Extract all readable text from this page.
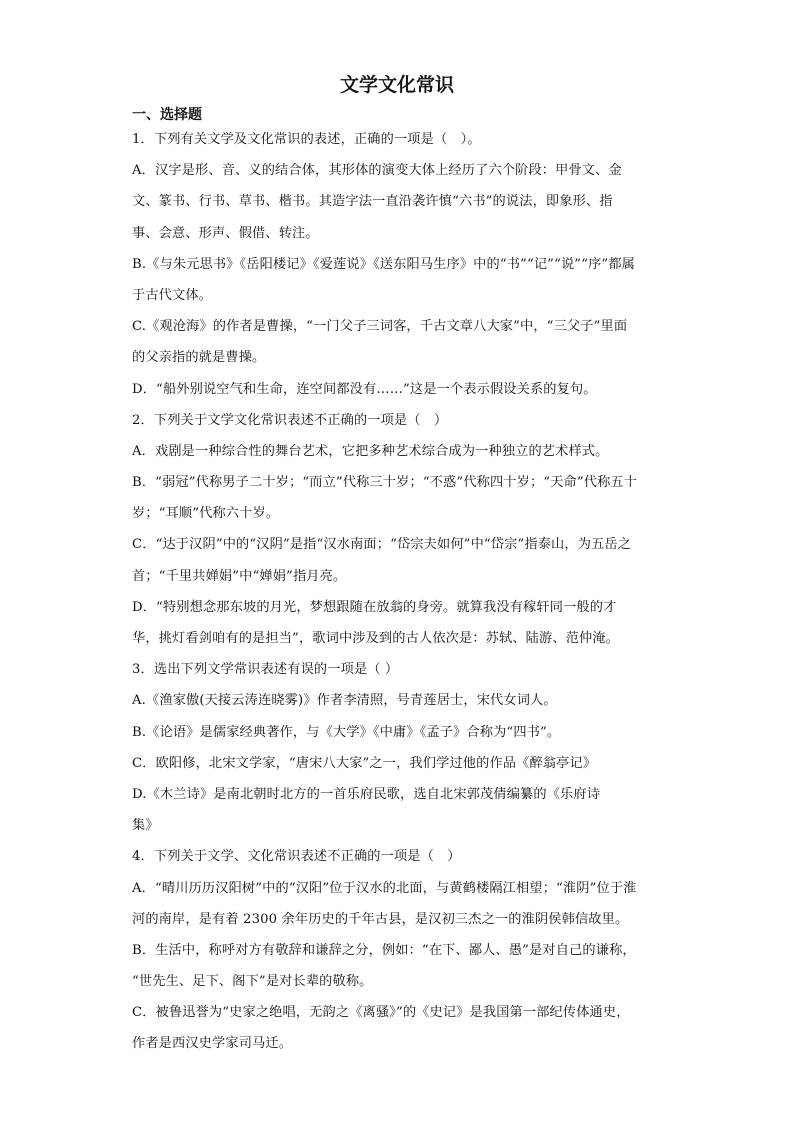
文学文化常识
一、选择题
1．下列有关文学及文化常识的表述，正确的一项是（　）。
A．汉字是形、音、义的结合体，其形体的演变大体上经历了六个阶段：甲骨文、金
文、篆书、行书、草书、楷书。其造字法一直沿袭许慎“六书”的说法，即象形、指
事、会意、形声、假借、转注。
B.《与朱元思书》《岳阳楼记》《爱莲说》《送东阳马生序》中的“书”“记”“说”“序”都属
于古代文体。
C.《观沧海》的作者是曹操，“一门父子三词客，千古文章八大家”中，“三父子”里面
的父亲指的就是曹操。
D．“船外别说空气和生命，连空间都没有……”这是一个表示假设关系的复句。
2．下列关于文学文化常识表述不正确的一项是（　）
A．戏剧是一种综合性的舞台艺术，它把多种艺术综合成为一种独立的艺术样式。
B．“弱冠”代称男子二十岁；“而立”代称三十岁；“不惑”代称四十岁；“天命”代称五十
岁；“耳顺”代称六十岁。
C．“达于汉阴”中的“汉阴”是指“汉水南面；“岱宗夫如何”中“岱宗”指泰山，为五岳之
首；“千里共婵娟”中“婵娟”指月亮。
D．“特别想念那东坡的月光，梦想跟随在放翁的身旁。就算我没有稼轩同一般的才
华，挑灯看剑咱有的是担当”，歌词中涉及到的古人依次是：苏轼、陆游、范仲淹。
3．选出下列文学常识表述有误的一项是（ ）
A.《渔家傲(天接云涛连晓雾)》作者李清照，号青莲居士，宋代女词人。
B.《论语》是儒家经典著作，与《大学》《中庸》《孟子》合称为“四书”。
C．欧阳修，北宋文学家，“唐宋八大家”之一，我们学过他的作品《醉翁亭记》
D.《木兰诗》是南北朝时北方的一首乐府民歌，选自北宋郭茂倩编纂的《乐府诗
集》
4．下列关于文学、文化常识表述不正确的一项是（　）
A．“晴川历历汉阳树”中的“汉阳”位于汉水的北面，与黄鹤楼隔江相望；“淮阴”位于淮
河的南岸，是有着 2300 余年历史的千年古县，是汉初三杰之一的淮阴侯韩信故里。
B．生活中，称呼对方有敬辞和谦辞之分，例如：“在下、鄙人、愚”是对自己的谦称，
“世先生、足下、阁下”是对长辈的敬称。
C．被鲁迅誉为“史家之绝唱，无韵之《离骚》”的《史记》是我国第一部纪传体通史，
作者是西汉史学家司马迁。
